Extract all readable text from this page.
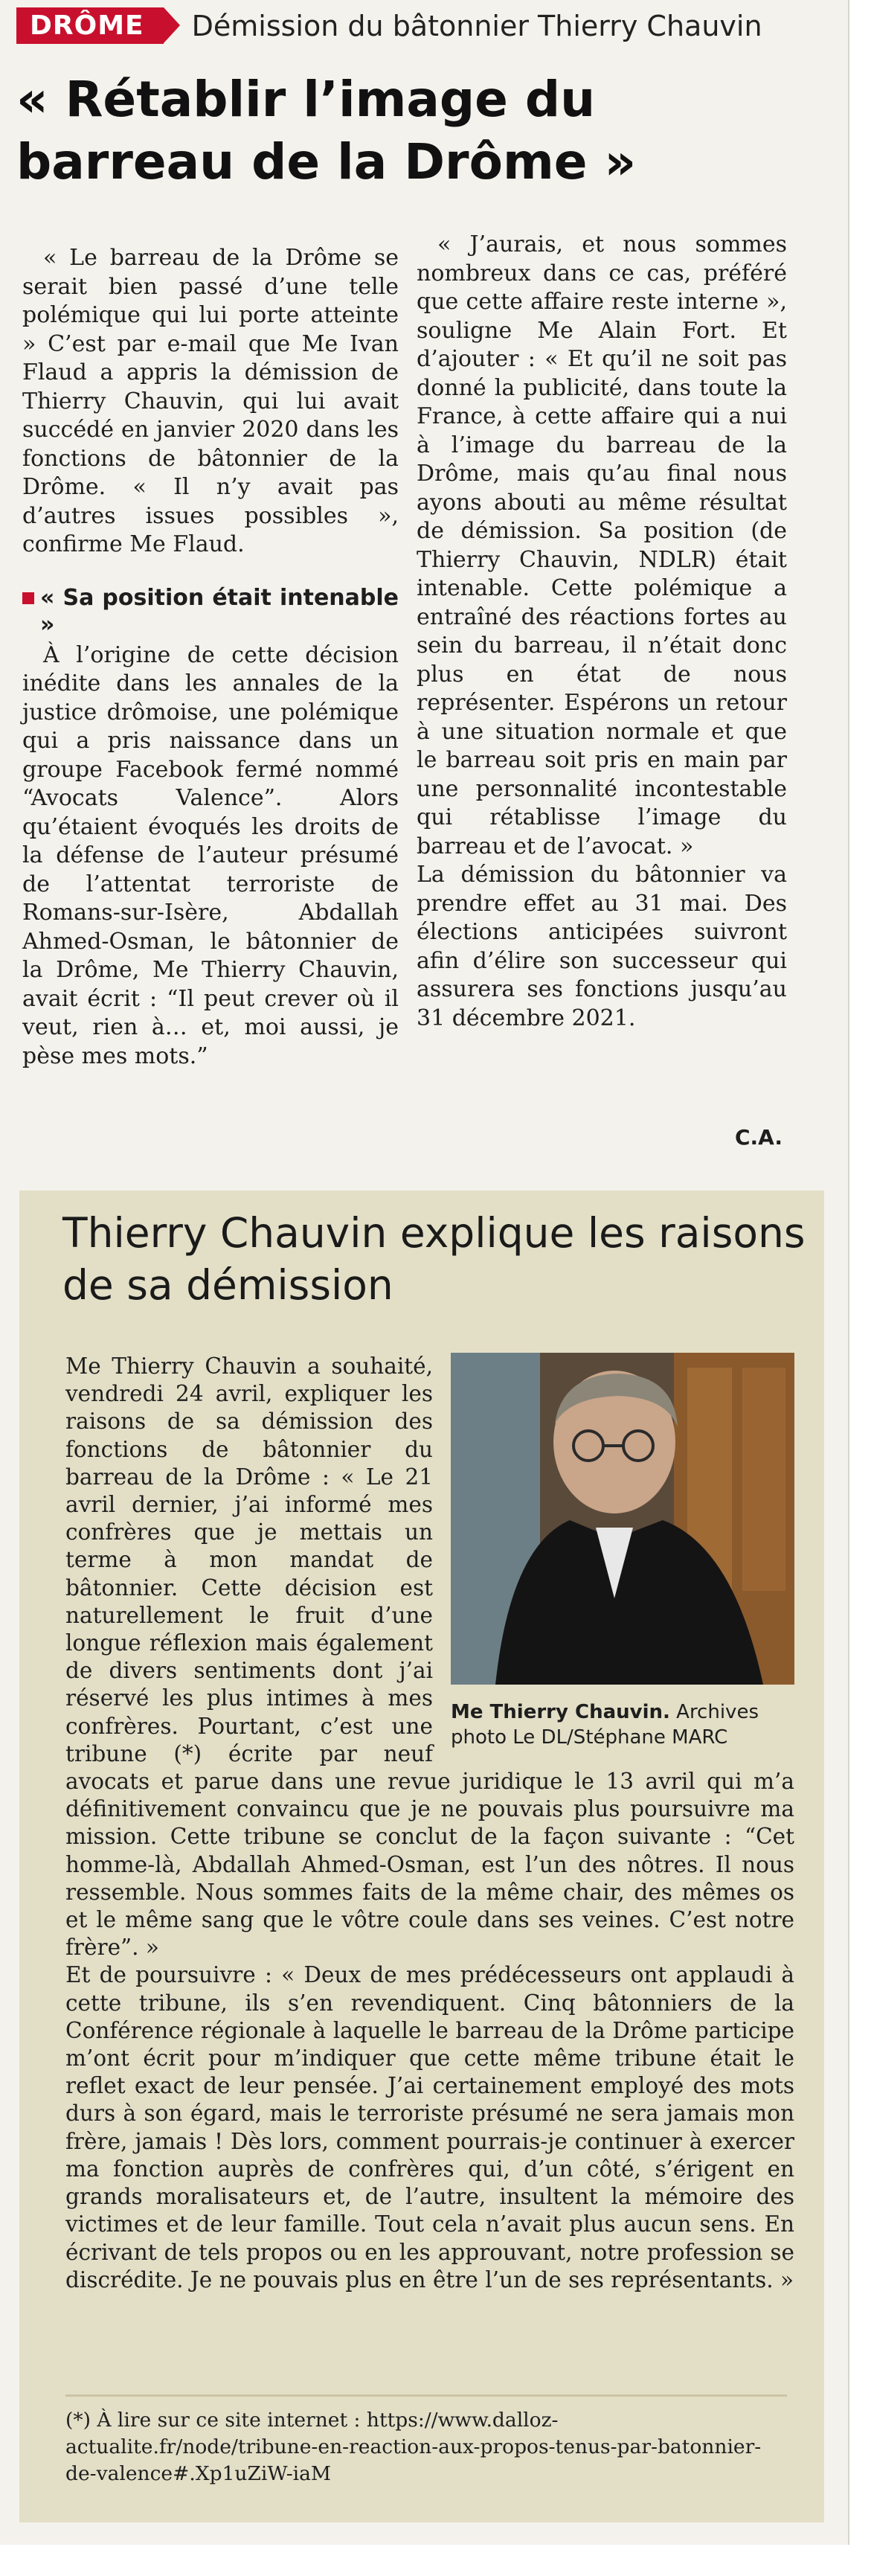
DRÔME	Démission du bâtonnier Thierry Chauvin
« Rétablir l’image du barreau de la Drôme »

« Le barreau de la Drôme se serait bien passé d’une telle polémique qui lui porte atteinte » C’est par e-mail que Me Ivan Flaud a appris la démission de Thierry Chauvin, qui lui avait succédé en janvier 2020 dans les fonctions de bâtonnier de la Drôme. « Il n’y avait pas d’autres issues possibles », confirme Me Flaud.

« Sa position était intenable »

À l’origine de cette décision inédite dans les annales de la justice drômoise, une polémique qui a pris naissance dans un groupe Facebook fermé nommé “Avocats Valence”. Alors qu’étaient évoqués les droits de la défense de l’auteur présumé de l’attentat terroriste de Romans-sur-Isère, Abdallah Ahmed-Osman, le bâtonnier de la Drôme, Me Thierry Chauvin, avait écrit : “Il peut crever où il veut, rien à… et, moi aussi, je pèse mes mots.”

« J’aurais, et nous sommes nombreux dans ce cas, préféré que cette affaire reste interne », souligne Me Alain Fort. Et d’ajouter : « Et qu’il ne soit pas donné la publicité, dans toute la France, à cette affaire qui a nui à l’image du barreau de la Drôme, mais qu’au final nous ayons abouti au même résultat de démission. Sa position (de Thierry Chauvin, NDLR) était intenable. Cette polémique a entraîné des réactions fortes au sein du barreau, il n’était donc plus en état de nous représenter. Espérons un retour à une situation normale et que le barreau soit pris en main par une personnalité incontestable qui rétablisse l’image du barreau et de l’avocat. »

La démission du bâtonnier va prendre effet au 31 mai. Des élections anticipées suivront afin d’élire son successeur qui assurera ses fonctions jusqu’au 31 décembre 2021.

C.A.
Thierry Chauvin explique les raisons de sa démission
Me Thierry Chauvin. Archives photo Le DL/Stéphane MARC

Me Thierry Chauvin a souhaité, vendredi 24 avril, expliquer les raisons de sa démission des fonctions de bâtonnier du barreau de la Drôme : « Le 21 avril dernier, j’ai informé mes confrères que je mettais un terme à mon mandat de bâtonnier. Cette décision est naturellement le fruit d’une longue réflexion mais également de divers sentiments dont j’ai réservé les plus intimes à mes confrères. Pourtant, c’est une tribune (*) écrite par neuf avocats et parue dans une revue juridique le 13 avril qui m’a définitivement convaincu que je ne pouvais plus poursuivre ma mission. Cette tribune se conclut de la façon suivante : “Cet homme-là, Abdallah Ahmed-Osman, est l’un des nôtres. Il nous ressemble. Nous sommes faits de la même chair, des mêmes os et le même sang que le vôtre coule dans ses veines. C’est notre frère”. »

Et de poursuivre : « Deux de mes prédécesseurs ont applaudi à cette tribune, ils s’en revendiquent. Cinq bâtonniers de la Conférence régionale à laquelle le barreau de la Drôme participe m’ont écrit pour m’indiquer que cette même tribune était le reflet exact de leur pensée. J’ai certainement employé des mots durs à son égard, mais le terroriste présumé ne sera jamais mon frère, jamais ! Dès lors, comment pourrais-je continuer à exercer ma fonction auprès de confrères qui, d’un côté, s’érigent en grands moralisateurs et, de l’autre, insultent la mémoire des victimes et de leur famille. Tout cela n’avait plus aucun sens. En écrivant de tels propos ou en les approuvant, notre profession se discrédite. Je ne pouvais plus en être l’un de ses représentants. »

(*) À lire sur ce site internet : https://www.dalloz-actualite.fr/node/tribune-en-reaction-aux-propos-tenus-par-batonnier-de-valence#.Xp1uZiW-iaM
